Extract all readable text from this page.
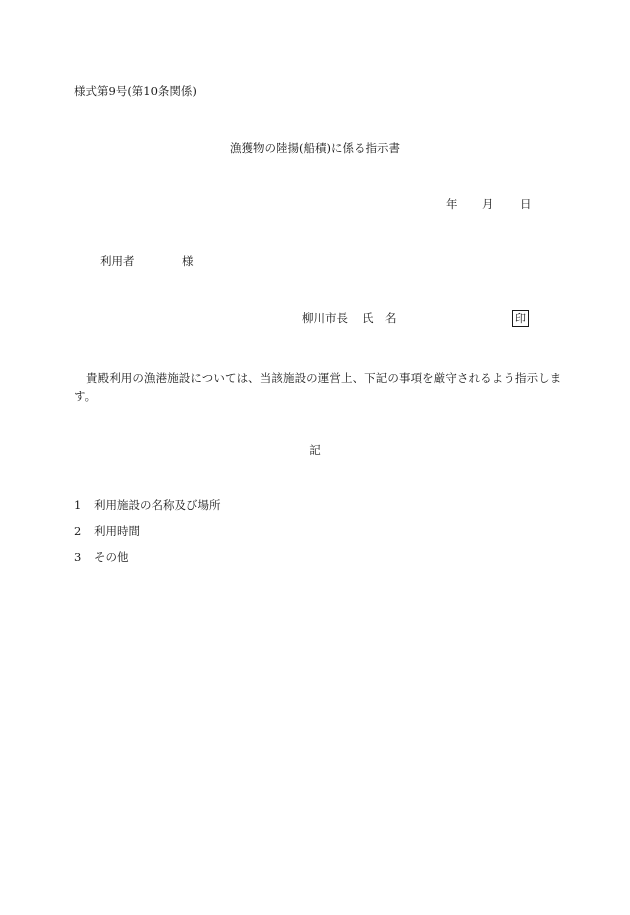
様式第9号(第10条関係)
漁獲物の陸揚(船積)に係る指示書
年 月 日
利用者	様
柳川市長 氏　名	印
貴殿利用の漁港施設については、当該施設の運営上、下記の事項を厳守されるよう指示します。
記
1 利用施設の名称及び場所
2 利用時間
3 その他
